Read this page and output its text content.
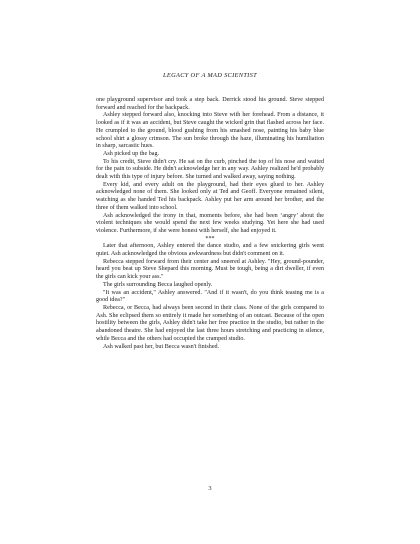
LEGACY OF A MAD SCIENTIST

one playground supervisor and took a step back. Derrick stood his ground. Steve stepped forward and reached for the backpack.

Ashley stepped forward also, knocking into Steve with her forehead. From a distance, it looked as if it was an accident, but Steve caught the wicked grin that flashed across her face. He crumpled to the ground, blood gushing from his smashed nose, painting his baby blue school shirt a glossy crimson. The sun broke through the haze, illuminating his humiliation in sharp, sarcastic hues.

Ash picked up the bag.

To his credit, Steve didn't cry. He sat on the curb, pinched the top of his nose and waited for the pain to subside. He didn't acknowledge her in any way. Ashley realized he'd probably dealt with this type of injury before. She turned and walked away, saying nothing.

Every kid, and every adult on the playground, had their eyes glued to her. Ashley acknowledged none of them. She looked only at Ted and Geoff. Everyone remained silent, watching as she handed Ted his backpack. Ashley put her arm around her brother, and the three of them walked into school.

Ash acknowledged the irony in that, moments before, she had been ‘angry’ about the violent techniques she would spend the next few weeks studying. Yet here she had used violence. Furthermore, if she were honest with herself, she had enjoyed it.

***

Later that afternoon, Ashley entered the dance studio, and a few snickering girls went quiet. Ash acknowledged the obvious awkwardness but didn't comment on it.

Rebecca stepped forward from their center and sneered at Ashley. "Hey, ground-pounder, heard you beat up Steve Shepard this morning. Must be tough, being a dirt dweller, if even the girls can kick your ass."

The girls surrounding Becca laughed openly.

"It was an accident," Ashley answered. "And if it wasn't, do you think teasing me is a good idea?"

Rebecca, or Becca, had always been second in their class. None of the girls compared to Ash. She eclipsed them so entirely it made her something of an outcast. Because of the open hostility between the girls, Ashley didn't take her free practice in the studio, but rather in the abandoned theatre. She had enjoyed the last three hours stretching and practicing in silence, while Becca and the others had occupied the cramped studio.

Ash walked past her, but Becca wasn't finished.

3
